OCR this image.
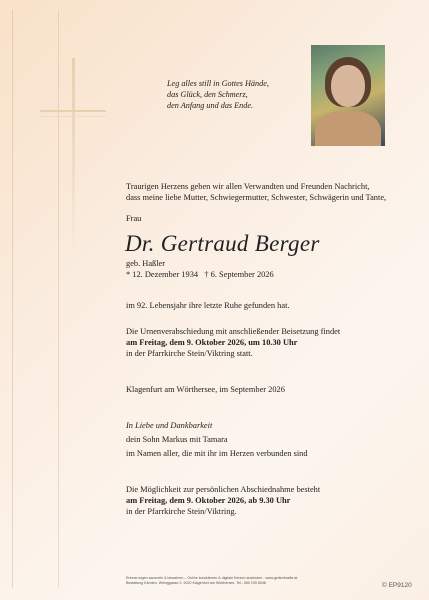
Leg alles still in Gottes Hände,
das Glück, den Schmerz,
den Anfang und das Ende.
Traurigen Herzens geben wir allen Verwandten und Freunden Nachricht,
dass meine liebe Mutter, Schwiegermutter, Schwester, Schwägerin und Tante,
Frau
Dr. Gertraud Berger
geb. Haßler
* 12. Dezember 1934   † 6. September 2026
im 92. Lebensjahr ihre letzte Ruhe gefunden hat.
Die Urnenverabschiedung mit anschließender Beisetzung findet
am Freitag, dem 9. Oktober 2026, um 10.30 Uhr
in der Pfarrkirche Stein/Viktring statt.
Klagenfurt am Wörthersee, im September 2026
In Liebe und Dankbarkeit
dein Sohn Markus mit Tamara
im Namen aller, die mit ihr im Herzen verbunden sind
Die Möglichkeit zur persönlichen Abschiednahme besteht
am Freitag, dem 9. Oktober 2026, ab 9.30 Uhr
in der Pfarrkirche Stein/Viktring.
Erinnerungen sammeln & bewahren – Online kondolieren & digitale Kerzen anzünden - www.gedenkseite.at
Bestattung Kärnten, Weinggasse 2, 9020 Klagenfurt am Wörthersee, Tel.: 050 199 8946	© EP9120
